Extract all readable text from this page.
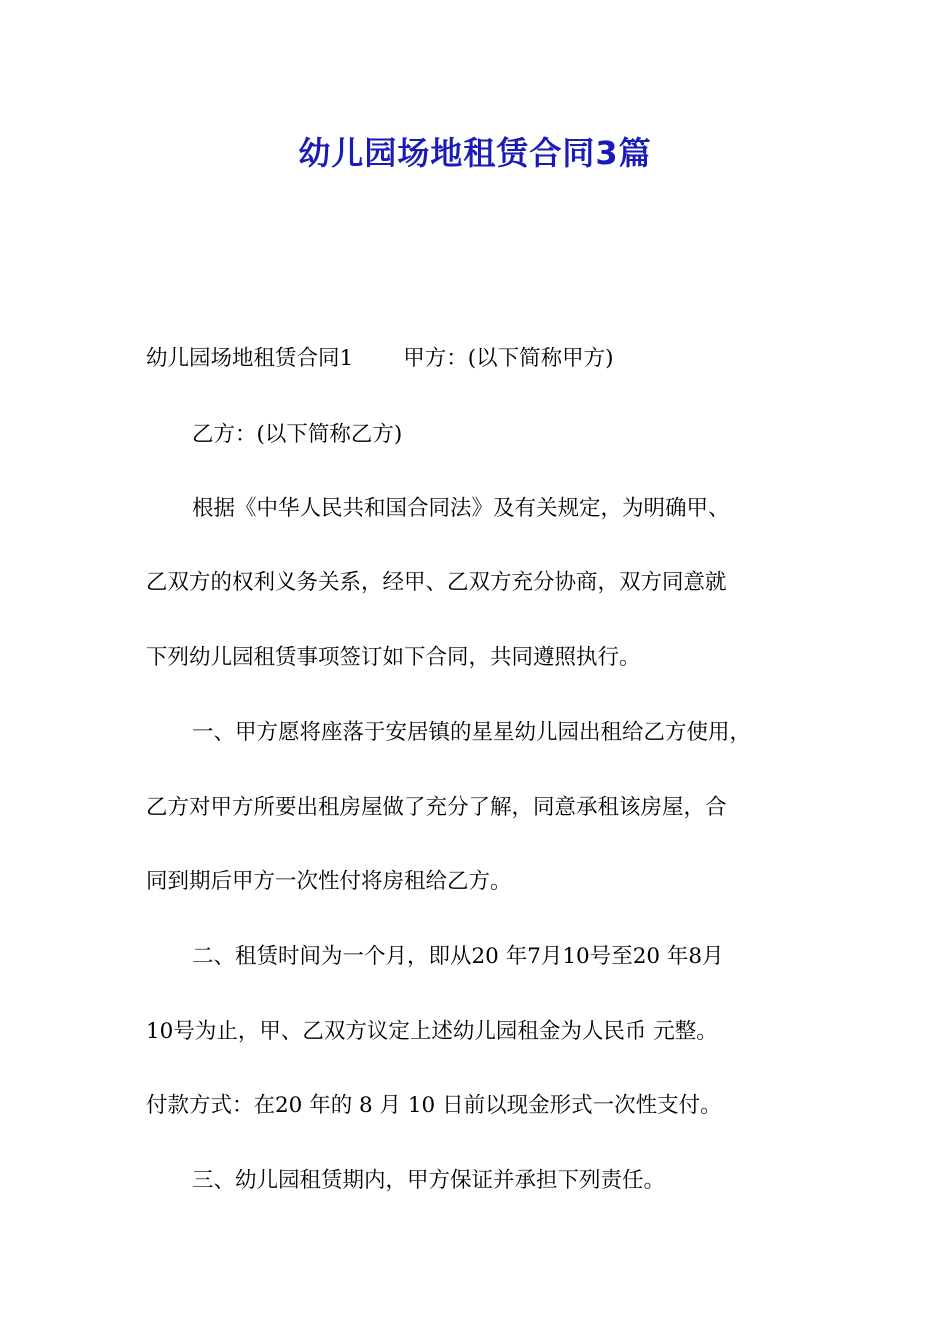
幼儿园场地租赁合同3篇

幼儿园场地租赁合同1 甲方：(以下简称甲方)

乙方：(以下简称乙方)

根据《中华人民共和国合同法》及有关规定，为明确甲、

乙双方的权利义务关系，经甲、乙双方充分协商，双方同意就

下列幼儿园租赁事项签订如下合同，共同遵照执行。

一、甲方愿将座落于安居镇的星星幼儿园出租给乙方使用，

乙方对甲方所要出租房屋做了充分了解，同意承租该房屋，合

同到期后甲方一次性付将房租给乙方。

二、租赁时间为一个月，即从20 年7月10号至20 年8月

10号为止，甲、乙双方议定上述幼儿园租金为人民币 元整。

付款方式：在20 年的 8 月 10 日前以现金形式一次性支付。

三、幼儿园租赁期内，甲方保证并承担下列责任。
